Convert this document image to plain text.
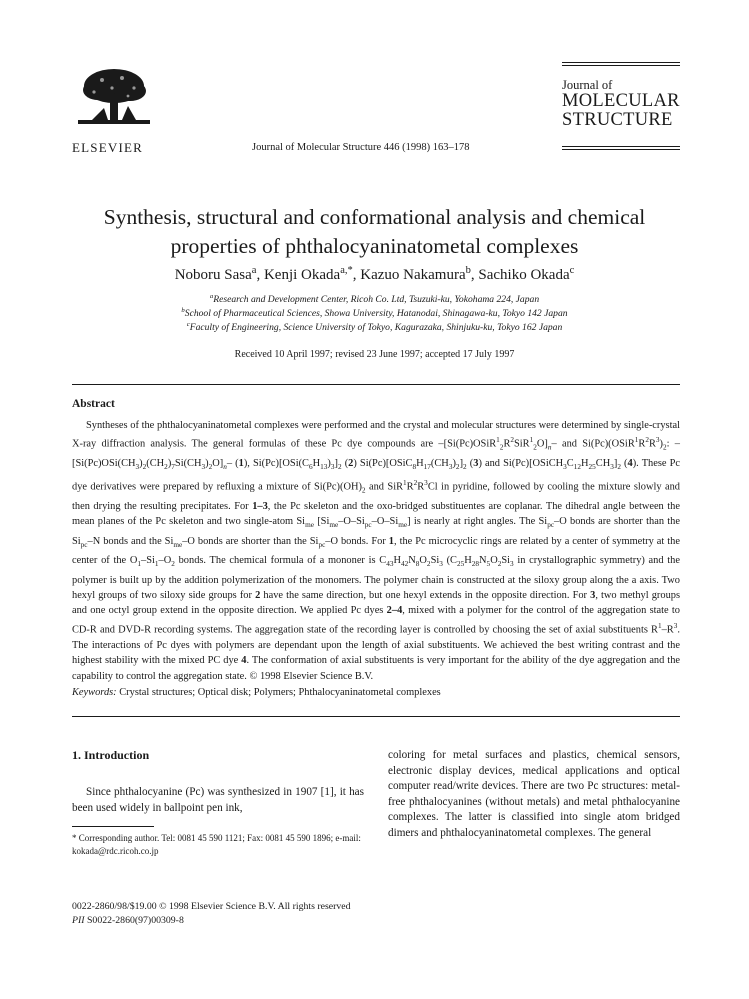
ELSEVIER	Journal of Molecular Structure 446 (1998) 163–178
Journal of
MOLECULAR
STRUCTURE
Synthesis, structural and conformational analysis and chemical
properties of phthalocyaninatometal complexes
Noboru Sasa$^a$, Kenji Okada$^{a,*}$, Kazuo Nakamura$^b$, Sachiko Okada$^c$
$^a$Research and Development Center, Ricoh Co. Ltd, Tsuzuki-ku, Yokohama 224, Japan
$^b$School of Pharmaceutical Sciences, Showa University, Hatanodai, Shinagawa-ku, Tokyo 142 Japan
$^c$Faculty of Engineering, Science University of Tokyo, Kagurazaka, Shinjuku-ku, Tokyo 162 Japan
Received 10 April 1997; revised 23 June 1997; accepted 17 July 1997
Abstract

Syntheses of the phthalocyaninatometal complexes were performed and the crystal and molecular structures were determined by single-crystal X-ray diffraction analysis. The general formulas of these Pc dye compounds are $-[Si(Pc)OSiR^1_2R^2SiR^1_2O]_n-$ and $Si(Pc)(OSiR^1R^2R^3)_2$: $-[Si(Pc)OSi(CH_3)_2(CH_2)_7Si(CH_3)_2O]_n-$ (1), $Si(Pc)[OSi(C_6H_{13})_3]_2$ (2) $Si(Pc)[OSiC_8H_{17}(CH_3)_2]_2$ (3) and $Si(Pc)[OSiCH_3C_{12}H_{25}CH_3]_2$ (4). These Pc dye derivatives were prepared by refluxing a mixture of $Si(Pc)(OH)_2$ and $SiR^1R^2R^3Cl$ in pyridine, followed by cooling the mixture slowly and then drying the resulting precipitates. For 1–3, the Pc skeleton and the oxo-bridged substituentes are coplanar. The dihedral angle between the mean planes of the Pc skeleton and two single-atom $Si_{me}$ $[Si_{me}-O-Si_{pc}-O-Si_{me}]$ is nearly at right angles. The $Si_{pc}-O$ bonds are shorter than the $Si_{pc}-N$ bonds and the $Si_{me}-O$ bonds are shorter than the $Si_{pc}-O$ bonds. For 1, the Pc microcyclic rings are related by a center of symmetry at the center of the $O_1-Si_1-O_2$ bonds. The chemical formula of a mononer is $C_{43}H_{42}N_8O_2Si_3$ ($C_{25}H_{28}N_5O_2Si_3$ in crystallographic symmetry) and the polymer is built up by the addition polymerization of the monomers. The polymer chain is constructed at the siloxy group along the a axis. Two hexyl groups of two siloxy side groups for 2 have the same direction, but one hexyl extends in the opposite direction. For 3, two methyl groups and one octyl group extend in the opposite direction. We applied Pc dyes 2–4, mixed with a polymer for the control of the aggregation state to CD-R and DVD-R recording systems. The aggregation state of the recording layer is controlled by choosing the set of axial substituents $R^1-R^3$. The interactions of Pc dyes with polymers are dependant upon the length of axial substituents. We achieved the best writing contrast and the highest stability with the mixed PC dye 4. The conformation of axial substituents is very important for the ability of the dye aggregation and the capability to control the aggregation state. © 1998 Elsevier Science B.V.

Keywords: Crystal structures; Optical disk; Polymers; Phthalocyaninatometal complexes

1. Introduction

Since phthalocyanine (Pc) was synthesized in 1907 [1], it has been used widely in ballpoint pen ink,

coloring for metal surfaces and plastics, chemical sensors, electronic display devices, medical applications and optical computer read/write devices. There are two Pc structures: metal-free phthalocyanines (without metals) and metal phthalocyanine complexes. The latter is classified into single atom bridged dimers and phthalocyaninatometal complexes. The general

* Corresponding author. Tel: 0081 45 590 1121; Fax: 0081 45 590 1896; e-mail: kokada@rdc.ricoh.co.jp
0022-2860/98/$19.00 © 1998 Elsevier Science B.V. All rights reserved
PII S0022-2860(97)00309-8
